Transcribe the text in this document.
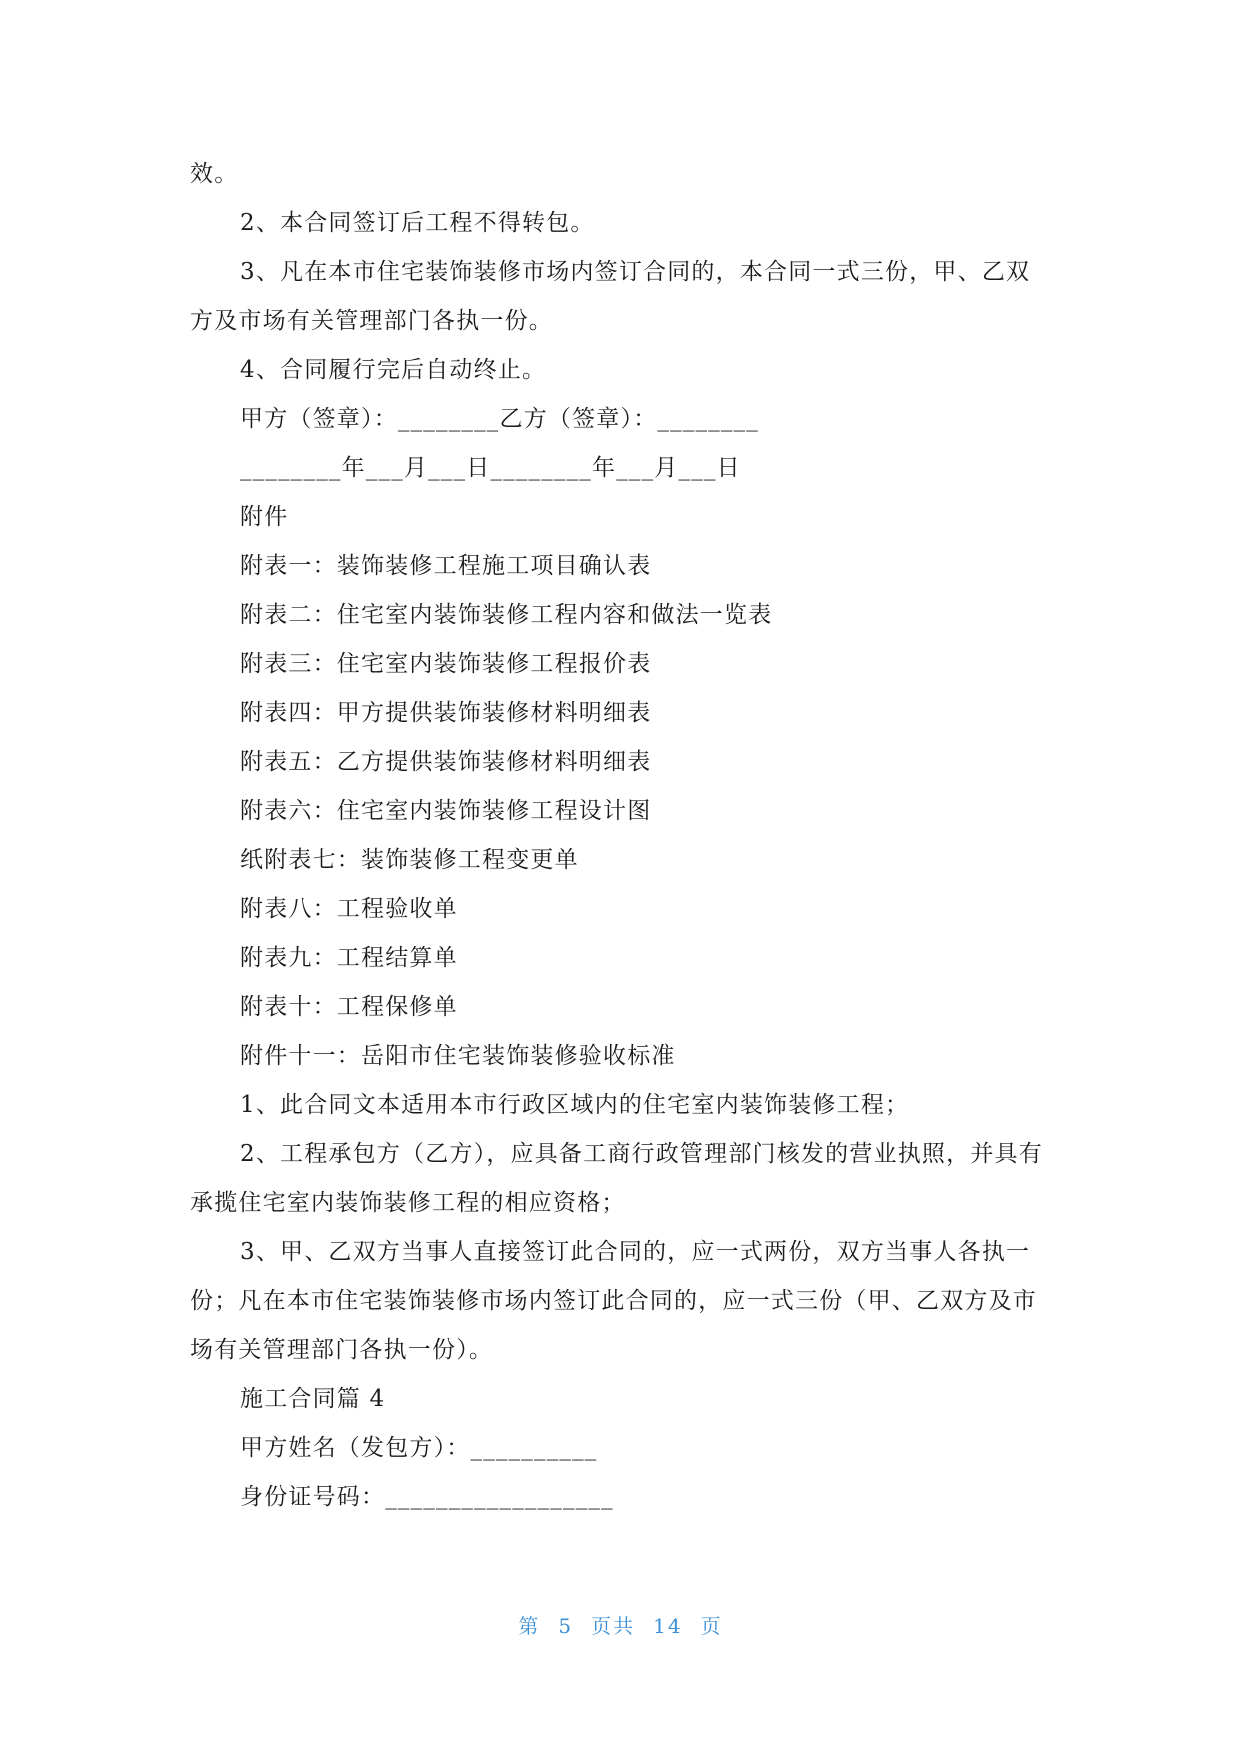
效。

2、本合同签订后工程不得转包。

3、凡在本市住宅装饰装修市场内签订合同的，本合同一式三份，甲、乙双方及市场有关管理部门各执一份。

4、合同履行完后自动终止。

甲方（签章）：________乙方（签章）：________

________年___月___日________年___月___日

附件

附表一：装饰装修工程施工项目确认表

附表二：住宅室内装饰装修工程内容和做法一览表

附表三：住宅室内装饰装修工程报价表

附表四：甲方提供装饰装修材料明细表

附表五：乙方提供装饰装修材料明细表

附表六：住宅室内装饰装修工程设计图

纸附表七：装饰装修工程变更单

附表八：工程验收单

附表九：工程结算单

附表十：工程保修单

附件十一：岳阳市住宅装饰装修验收标准

1、此合同文本适用本市行政区域内的住宅室内装饰装修工程；

2、工程承包方（乙方），应具备工商行政管理部门核发的营业执照，并具有承揽住宅室内装饰装修工程的相应资格；

3、甲、乙双方当事人直接签订此合同的，应一式两份，双方当事人各执一份；凡在本市住宅装饰装修市场内签订此合同的，应一式三份（甲、乙双方及市场有关管理部门各执一份）。

施工合同篇 4

甲方姓名（发包方）：__________

身份证号码：__________________

第 5 页共 14 页
